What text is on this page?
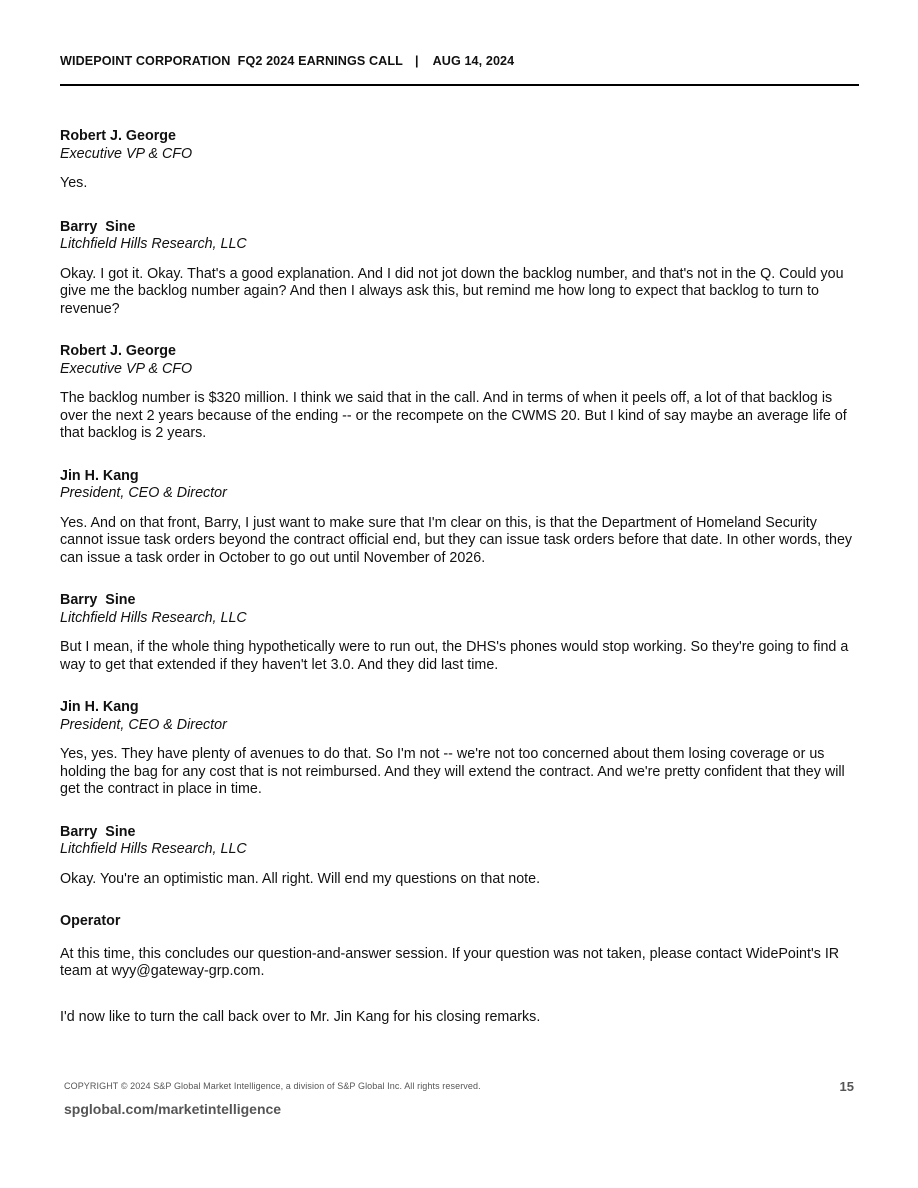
WIDEPOINT CORPORATION  FQ2 2024 EARNINGS CALL | AUG 14, 2024
Robert J. George
Executive VP & CFO
Yes.
Barry  Sine
Litchfield Hills Research, LLC
Okay. I got it. Okay. That's a good explanation. And I did not jot down the backlog number, and that's not in the Q. Could you give me the backlog number again? And then I always ask this, but remind me how long to expect that backlog to turn to revenue?
Robert J. George
Executive VP & CFO
The backlog number is $320 million. I think we said that in the call. And in terms of when it peels off, a lot of that backlog is over the next 2 years because of the ending -- or the recompete on the CWMS 20. But I kind of say maybe an average life of that backlog is 2 years.
Jin H. Kang
President, CEO & Director
Yes. And on that front, Barry, I just want to make sure that I'm clear on this, is that the Department of Homeland Security cannot issue task orders beyond the contract official end, but they can issue task orders before that date. In other words, they can issue a task order in October to go out until November of 2026.
Barry  Sine
Litchfield Hills Research, LLC
But I mean, if the whole thing hypothetically were to run out, the DHS's phones would stop working. So they're going to find a way to get that extended if they haven't let 3.0. And they did last time.
Jin H. Kang
President, CEO & Director
Yes, yes. They have plenty of avenues to do that. So I'm not -- we're not too concerned about them losing coverage or us holding the bag for any cost that is not reimbursed. And they will extend the contract. And we're pretty confident that they will get the contract in place in time.
Barry  Sine
Litchfield Hills Research, LLC
Okay. You're an optimistic man. All right. Will end my questions on that note.
Operator
At this time, this concludes our question-and-answer session. If your question was not taken, please contact WidePoint's IR team at wyy@gateway-grp.com.
I'd now like to turn the call back over to Mr. Jin Kang for his closing remarks.
COPYRIGHT © 2024 S&P Global Market Intelligence, a division of S&P Global Inc. All rights reserved.	15
spglobal.com/marketintelligence
